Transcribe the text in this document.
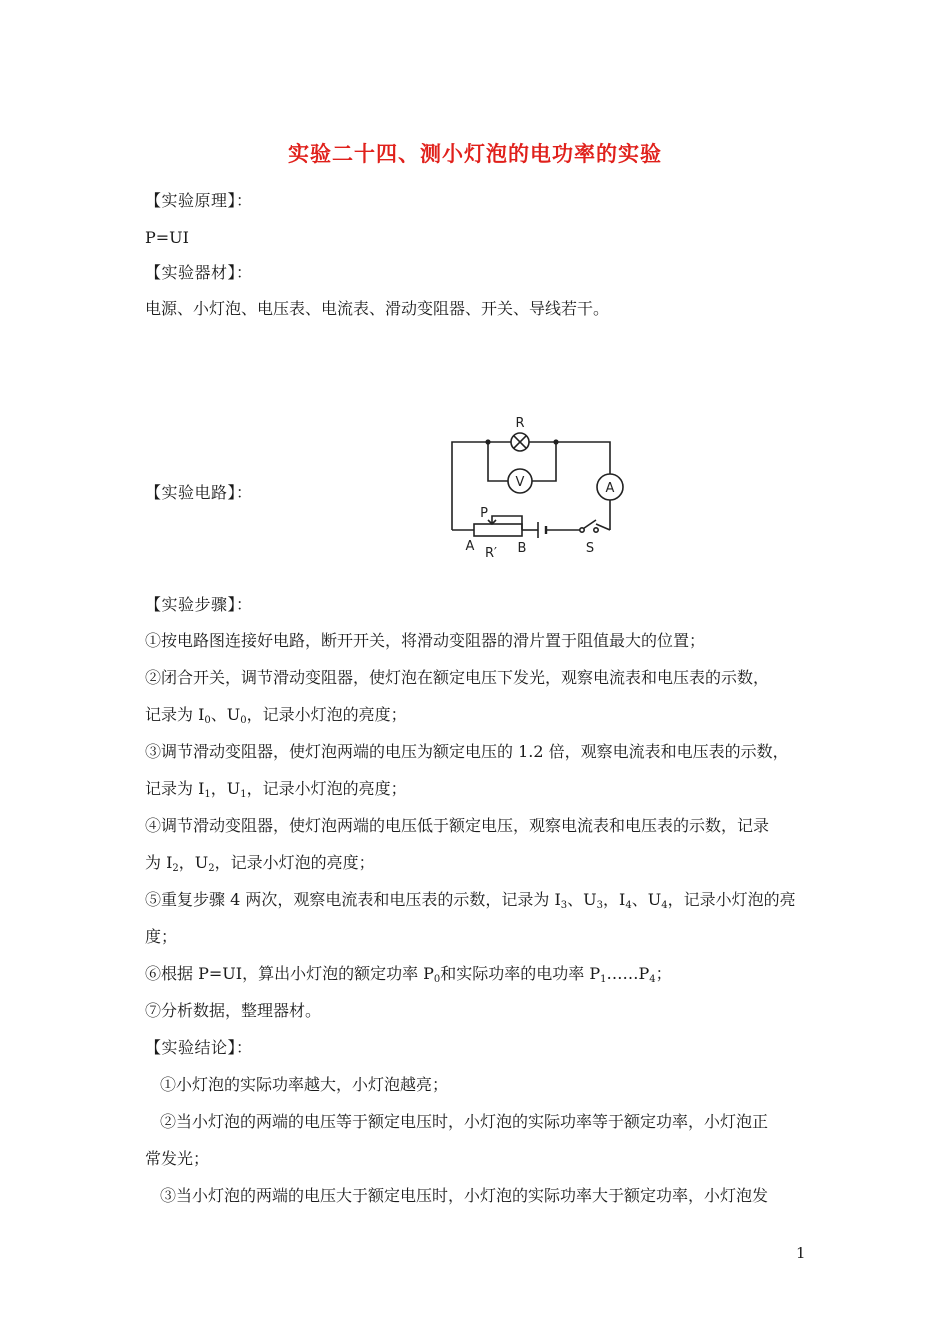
实验二十四、测小灯泡的电功率的实验
【实验原理】：
P=UI
【实验器材】：
电源、小灯泡、电压表、电流表、滑动变阻器、开关、导线若干。
【实验电路】：
R
V	A
P
A	B
R′	S
【实验步骤】：
①按电路图连接好电路，断开开关，将滑动变阻器的滑片置于阻值最大的位置；
②闭合开关，调节滑动变阻器，使灯泡在额定电压下发光，观察电流表和电压表的示数，
记录为 $I_0$、$U_0$，记录小灯泡的亮度；
③调节滑动变阻器，使灯泡两端的电压为额定电压的 1.2 倍，观察电流表和电压表的示数，
记录为 $I_1$，$U_1$，记录小灯泡的亮度；
④调节滑动变阻器，使灯泡两端的电压低于额定电压，观察电流表和电压表的示数，记录
为 $I_2$，$U_2$，记录小灯泡的亮度；
⑤重复步骤 4 两次，观察电流表和电压表的示数，记录为 $I_3$、$U_3$，$I_4$、$U_4$，记录小灯泡的亮
度；
⑥根据 P=UI，算出小灯泡的额定功率 $P_0$和实际功率的电功率 $P_1\dots\dots P_4$；
⑦分析数据，整理器材。
【实验结论】：
①小灯泡的实际功率越大，小灯泡越亮；
②当小灯泡的两端的电压等于额定电压时，小灯泡的实际功率等于额定功率，小灯泡正
常发光；
③当小灯泡的两端的电压大于额定电压时，小灯泡的实际功率大于额定功率，小灯泡发
1
